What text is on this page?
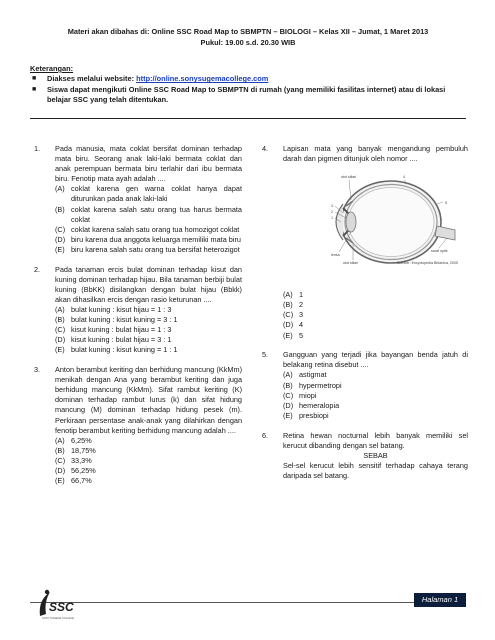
Materi akan dibahas di: Online SSC Road Map to SBMPTN – BIOLOGI – Kelas XII – Jumat, 1 Maret 2013
Pukul: 19.00 s.d. 20.30 WIB
Keterangan:
■ Diakses melalui website: http://online.sonysugemacollege.com
■ Siswa dapat mengikuti Online SSC Road Map to SBMPTN di rumah (yang memiliki fasilitas internet) atau di lokasi belajar SSC yang telah ditentukan.
1. Pada manusia, mata coklat bersifat dominan terhadap mata biru. Seorang anak laki-laki bermata coklat dan anak perempuan bermata biru terlahir dari ibu bermata biru. Fenotip mata ayah adalah ....
(A) coklat karena gen warna coklat hanya dapat diturunkan pada anak laki-laki
(B) coklat karena salah satu orang tua harus bermata coklat
(C) coklat karena salah satu orang tua homozigot coklat
(D) biru karena dua anggota keluarga memiliki mata biru
(E) biru karena salah satu orang tua bersifat heterozigot
2. Pada tanaman ercis bulat dominan terhadap kisut dan kuning dominan terhadap hijau. Bila tanaman berbiji bulat kuning (BbKK) disilangkan dengan bulat hijau (Bbkk) akan dihasilkan ercis dengan rasio keturunan ....
(A) bulat kuning : kisut hijau = 1 : 3
(B) bulat kuning : kisut kuning = 3 : 1
(C) kisut kuning : bulat hijau = 1 : 3
(D) kisut kuning : bulat hijau = 3 : 1
(E) bulat kuning : kisut kuning = 1 : 1
3. Anton berambut keriting dan berhidung mancung (KkMm) menikah dengan Ana yang berambut keriting dan juga berhidung mancung (KkMm). Sifat rambut keriting (K) dominan terhadap rambut lurus (k) dan sifat hidung mancung (M) dominan terhadap hidung pesek (m). Perkiraan persentase anak-anak yang dilahirkan dengan fenotip berambut keriting berhidung mancung adalah ....
(A) 6,25%
(B) 18,75%
(C) 33,3%
(D) 56,25%
(E) 66,7%
4. Lapisan mata yang banyak mengandung pembuluh darah dan pigmen ditunjuk oleh nomor ....
otot siliari	4
5
3
2
1
lensa
otot siliari
saraf optik
Sumber: Encyclopedia Britanica, 2005
(A) 1
(B) 2
(C) 3
(D) 4
(E) 5
5. Gangguan yang terjadi jika bayangan benda jatuh di belakang retina disebut ....
(A) astigmat
(B) hypermetropi
(C) miopi
(D) hemeralopia
(E) presbiopi
6. Retina hewan nocturnal lebih banyak memiliki sel kerucut dibanding dengan sel batang.
SEBAB
Sel-sel kerucut lebih sensitif terhadap cahaya terang daripada sel batang.
SSC
SONY SUGEMA COLLEGE
Halaman 1
